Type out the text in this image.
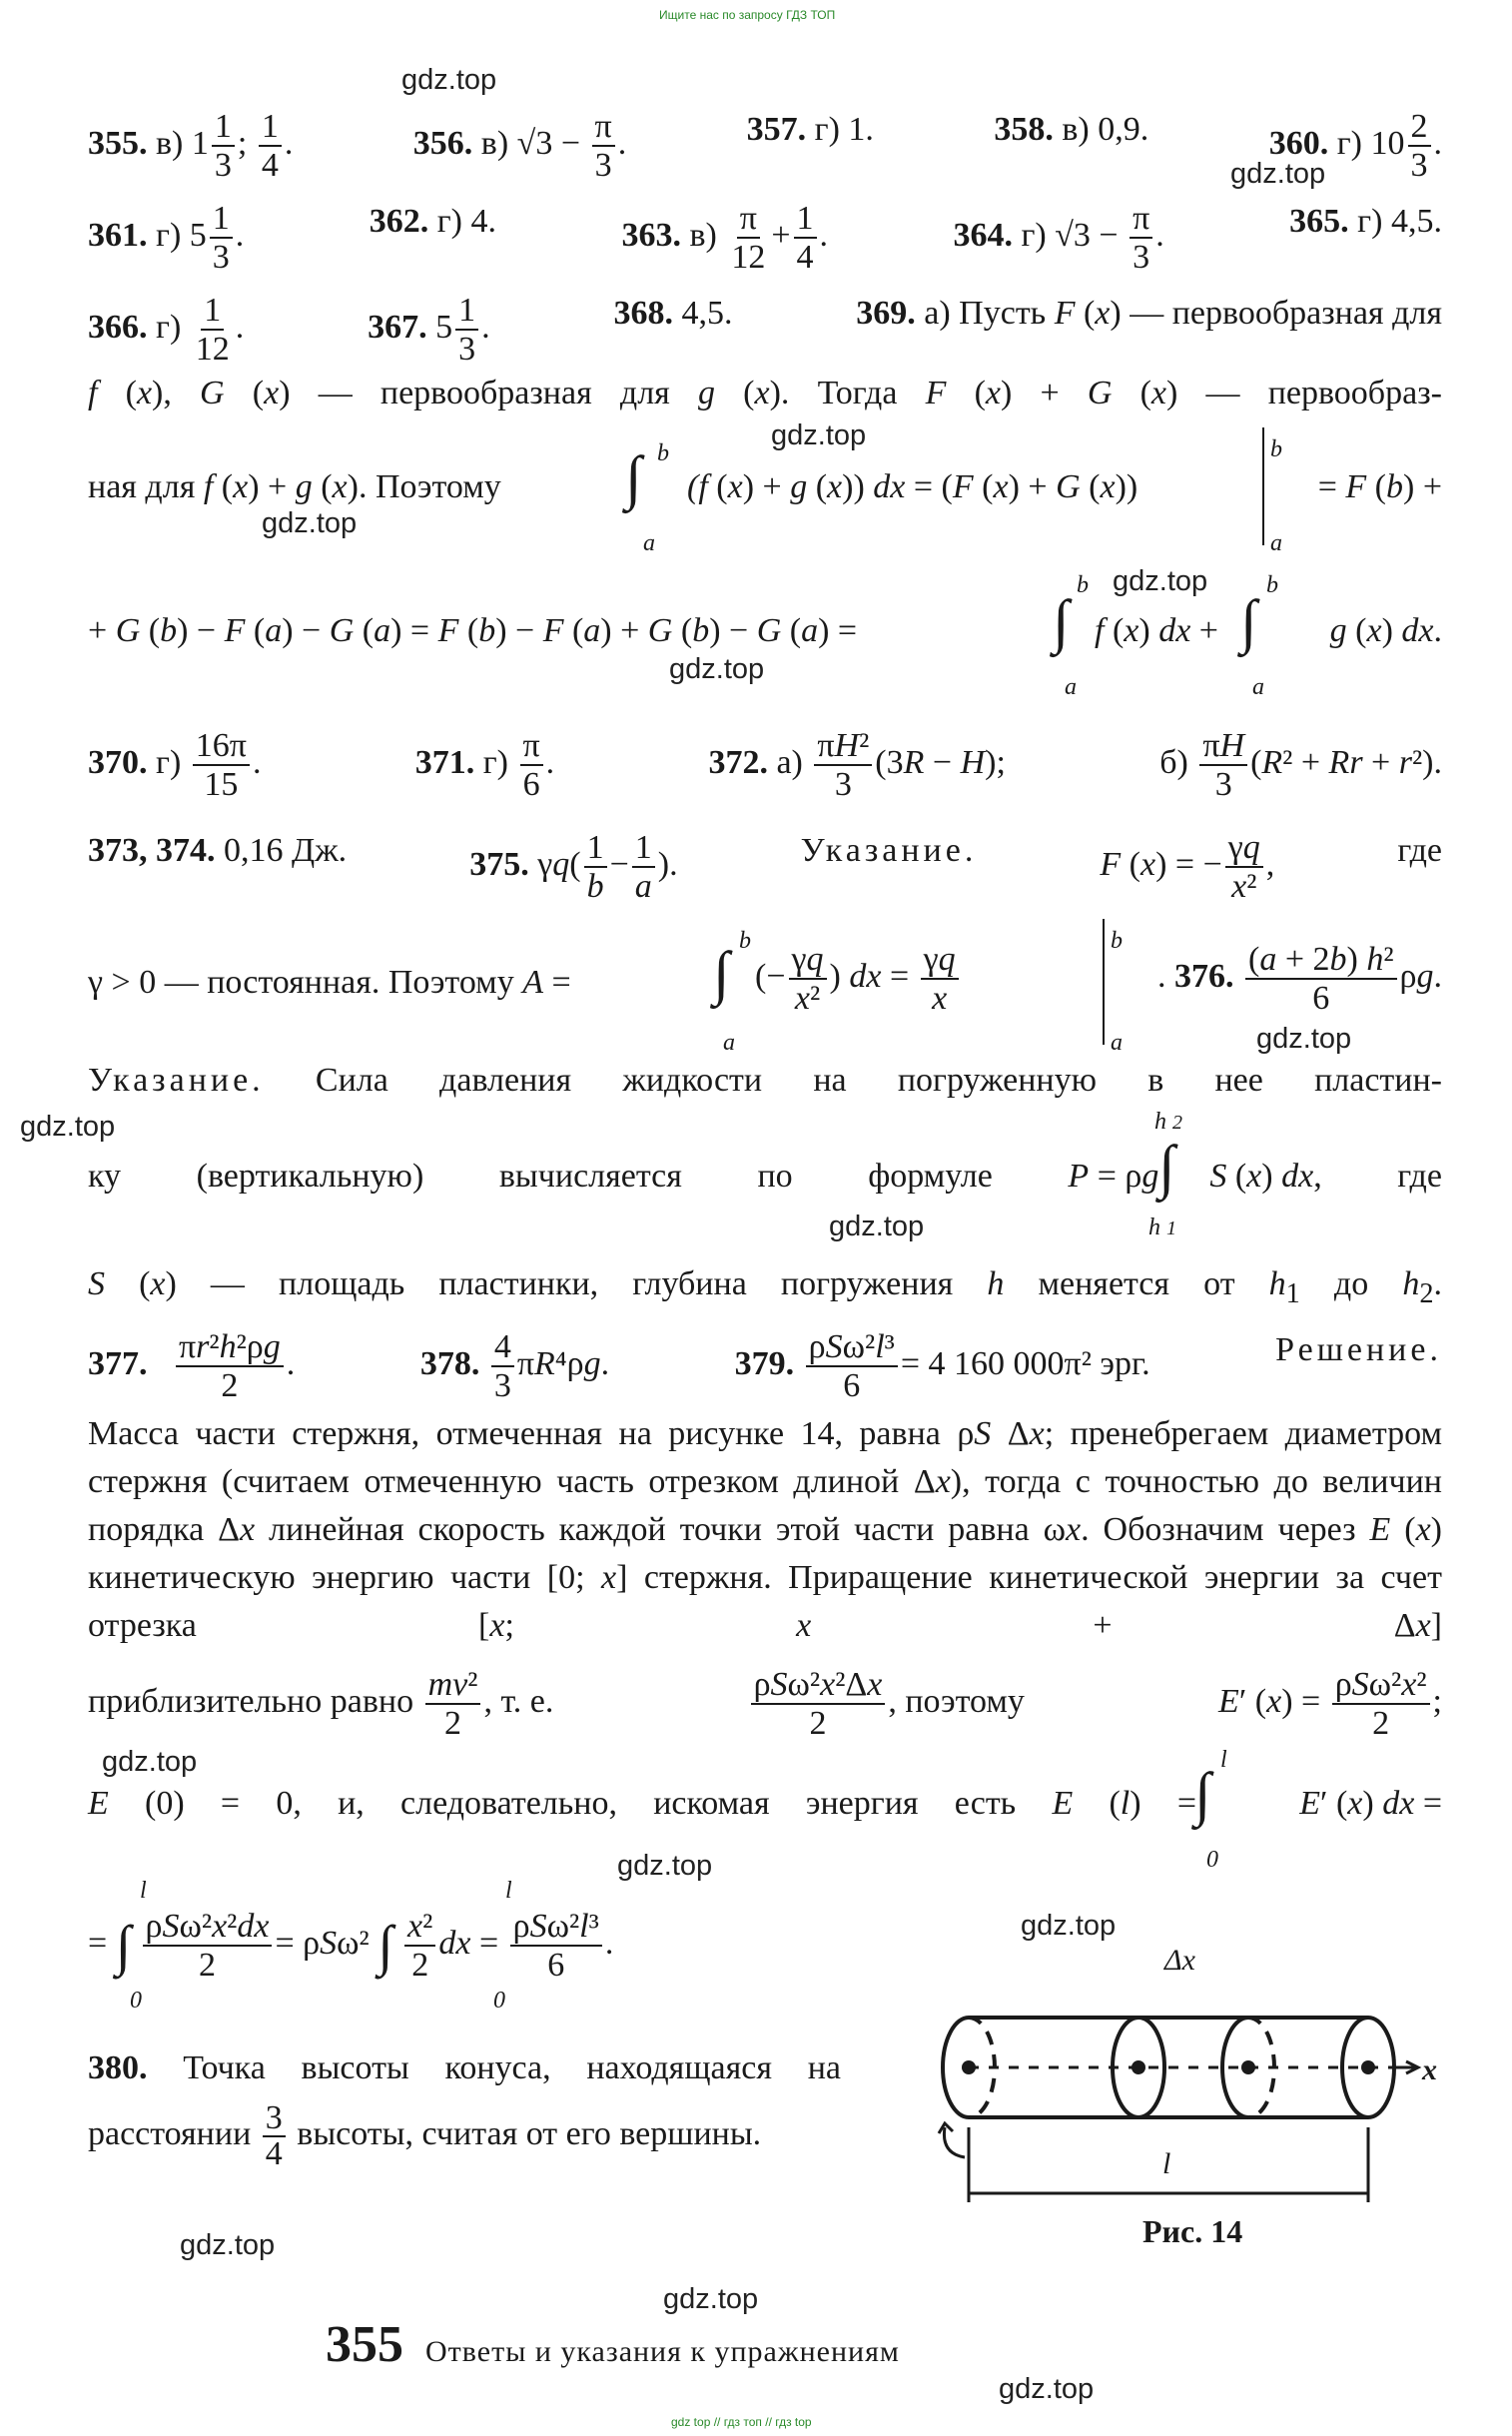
Ищите нас по запросу ГДЗ ТОП
355. в) $1 \frac{1}{3}$ ; $\frac{1}{4}$ .	356. в) $√3 - \frac{\pi}{3}$ .	357. г) 1.	358. в) 0,9.	360. г) $10 \frac{2}{3}$ .
361. г) $5 \frac{1}{3}$ .	362. г) 4.	363. $в) \frac{\pi}{12} + \frac{1}{4}$ .	364. г) $√3 - \frac{\pi}{3}$ .	365. г) 4,5.
366. $г) \frac{1}{12}$ .	367. $5 \frac{1}{3}$ .	368. 4,5.	369. а) Пусть F (x) — первообразная для
f (x), G (x) — первообразная для g (x). Тогда F (x) + G (x) — первообраз-
ная для f (x) + g (x). Поэтому ∫ b
a
(f (x) + g (x)) dx = (F (x) + G (x))
b
a
= F (b) +
+ G (b) − F (a) − G (a) = F (b) − F (a) + G (b) − G (a) =	∫
b
a
f (x) dx + ∫
b
a
g (x) dx.
370. $г) \frac{16\pi}{15}$ .	371. $г) \frac{\pi}{6}$ .	372. $а) \frac{\text{πH²}}{3} (3R - H)$;	$б) \frac{\pi H}{3} (R^2 + Rr + r^2)$.
373, 374. 0,16 Дж.	375. $\gamma q( \frac{1}{b} - \frac{1}{a}$ ).	Указание.	F (x) = − $\frac{\gamma q}{\text{x²}}$ ,	где
γ > 0 — постоянная. Поэтому A = ∫ b
a
(− $\frac{\gamma q}{\text{x²}}$ ) dx = $\frac{\gamma q}{x}$	b
a
. 376. $\frac{\text{(a + 2b) h²}}{6} \rho g$.
Указание. Сила давления жидкости на погруженную в нее пластин-
ку (вертикальную) вычисляется по формуле P = ρg S (x) dx, где
∫
h 2
h 1
S (x) — площадь пластинки, глубина погружения h меняется от $h_1$ до $h_2$.
377. $\frac{\text{πr²h²ρg}}{2}$ .	378. $\frac{4}{3} \pi R^4\rho g$.	379. $\frac{\text{ρSω²l³}}{6} = 4$ 160 000π² эрг.	Решение.
Масса части стержня, отмеченная на рисунке 14, равна ρS Δx; пренебрегаем диаметром стержня (считаем отмеченную часть отрезком длиной Δx), тогда с точностью до величин порядка Δx линейная скорость каждой точки этой части равна ωx. Обозначим через E (x) кинетическую энергию части [0; x] стержня. Приращение кинетической энергии за счет отрезка [x; x + Δx]
приблизительно равно $\frac{\text{mv²}}{2}$ , т. е.	$\frac{\text{ρSω²x²Δx}}{2}$ , поэтому	E′ $(x) = \frac{\text{ρSω²x²}}{2}$ ;
E (0) = 0, и, следовательно, искомая энергия есть E (l) =
∫
l
0
E′ (x) dx =
= ∫ $\frac{\text{ρSω²x²dx}}{2} = \rho S\omega^2$ ∫ $\frac{\text{x²}}{2}$ dx = $\frac{\text{ρSω²l³}}{6}$ .
l
0
l
0
380. Точка высоты конуса, находящаяся на расстоянии $\frac{3}{4}$ высоты, считая от его вершины.
Δx
x
l
Рис. 14
gdz.top
gdz.top
gdz.top
gdz.top
gdz.top
gdz.top
gdz.top
gdz.top
gdz.top
gdz.top
gdz.top
gdz.top
gdz.top
gdz.top
gdz.top
355 Ответы и указания к упражнениям
gdz top // гдз топ // гдз top
